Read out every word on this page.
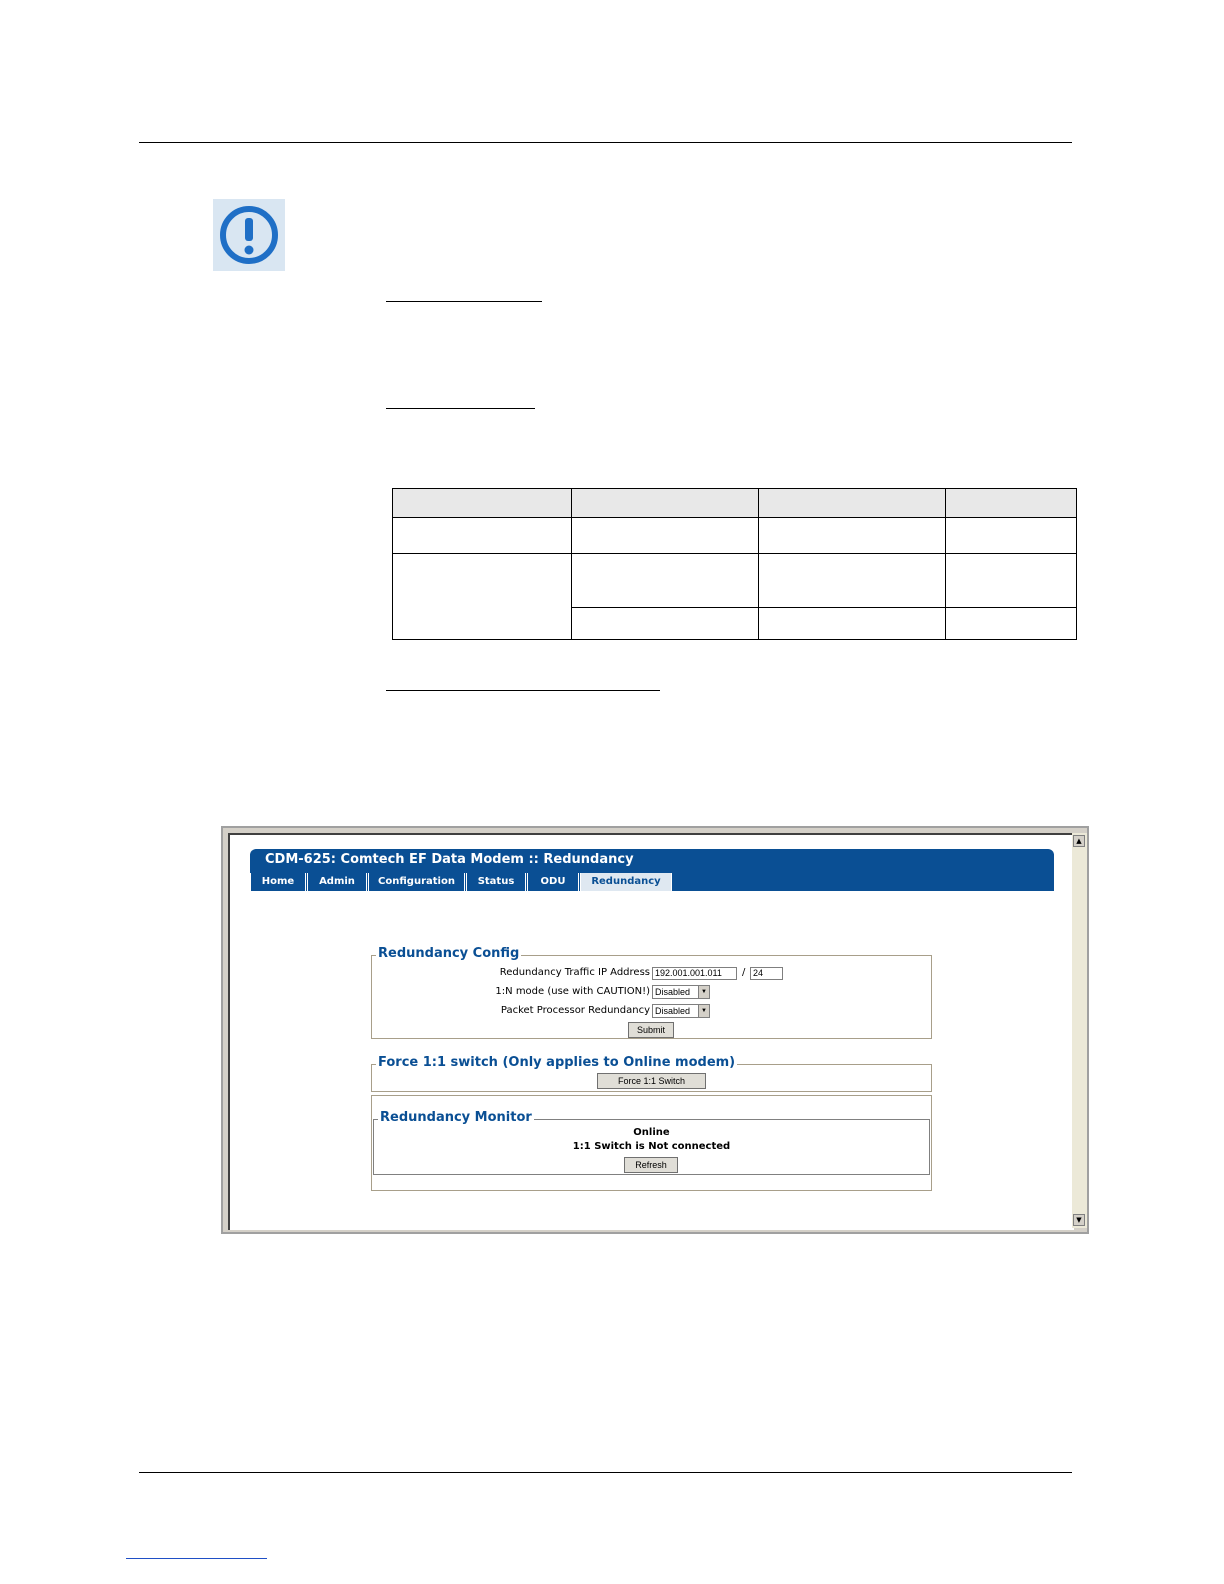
CDM-625: Comtech EF Data Modem :: Redundancy
Home	Admin	Configuration	Status	ODU	Redundancy
Redundancy Config
Redundancy Traffic IP Address 192.001.001.011	/ 24
1:N mode (use with CAUTION!) Disabled	▼
Packet Processor Redundancy Disabled	▼
Submit
Force 1:1 switch (Only applies to Online modem)
Force 1:1 Switch
Redundancy Monitor
Online
1:1 Switch is Not connected
Refresh
▲
▼
